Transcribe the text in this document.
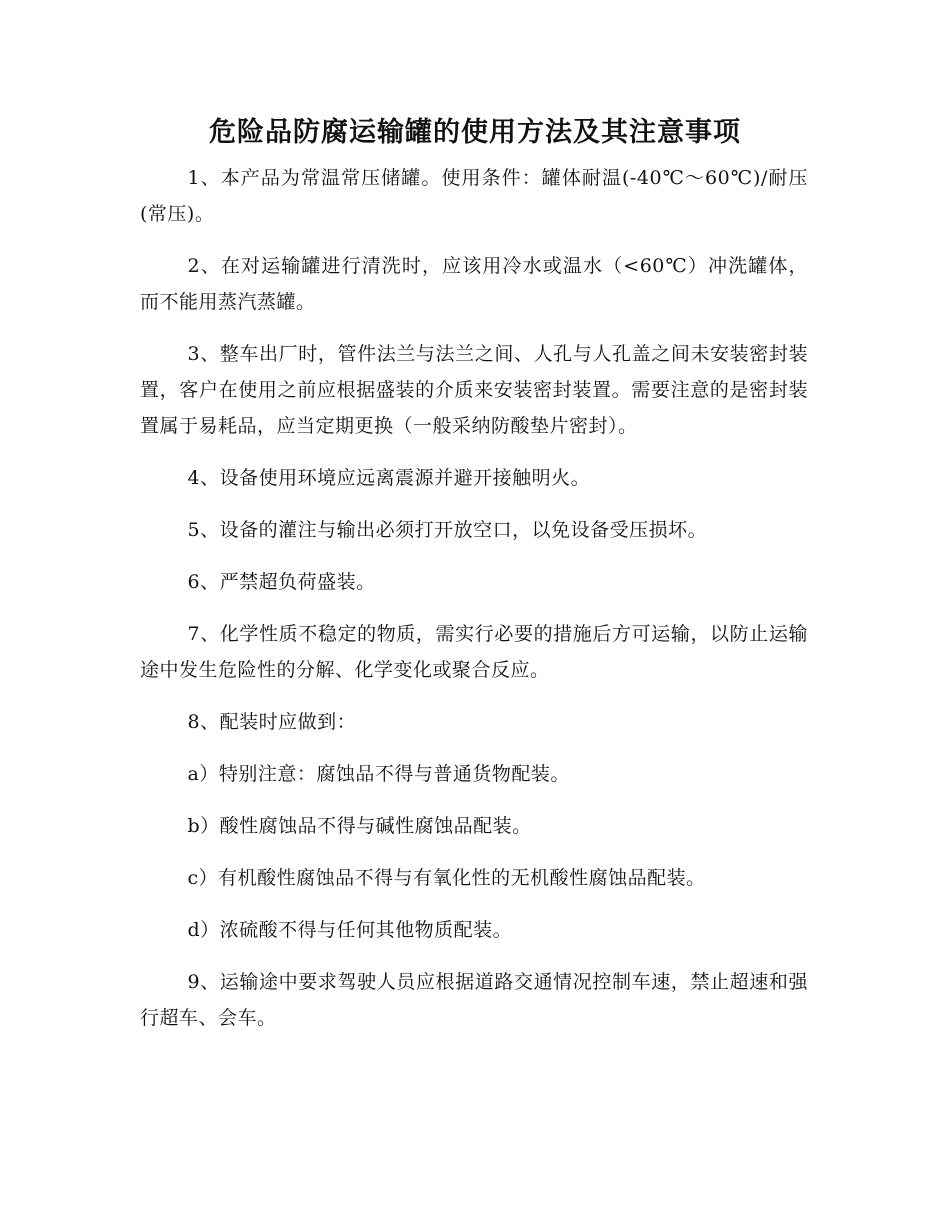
危险品防腐运输罐的使用方法及其注意事项

1、本产品为常温常压储罐。使用条件：罐体耐温(-40℃～60℃)/耐压(常压)。

2、在对运输罐进行清洗时，应该用冷水或温水（<60℃）冲洗罐体，而不能用蒸汽蒸罐。

3、整车出厂时，管件法兰与法兰之间、人孔与人孔盖之间未安装密封装置，客户在使用之前应根据盛装的介质来安装密封装置。需要注意的是密封装置属于易耗品，应当定期更换（一般采纳防酸垫片密封）。

4、设备使用环境应远离震源并避开接触明火。

5、设备的灌注与输出必须打开放空口，以免设备受压损坏。

6、严禁超负荷盛装。

7、化学性质不稳定的物质，需实行必要的措施后方可运输，以防止运输途中发生危险性的分解、化学变化或聚合反应。

8、配装时应做到：

a）特别注意：腐蚀品不得与普通货物配装。

b）酸性腐蚀品不得与碱性腐蚀品配装。

c）有机酸性腐蚀品不得与有氧化性的无机酸性腐蚀品配装。

d）浓硫酸不得与任何其他物质配装。

9、运输途中要求驾驶人员应根据道路交通情况控制车速，禁止超速和强行超车、会车。
